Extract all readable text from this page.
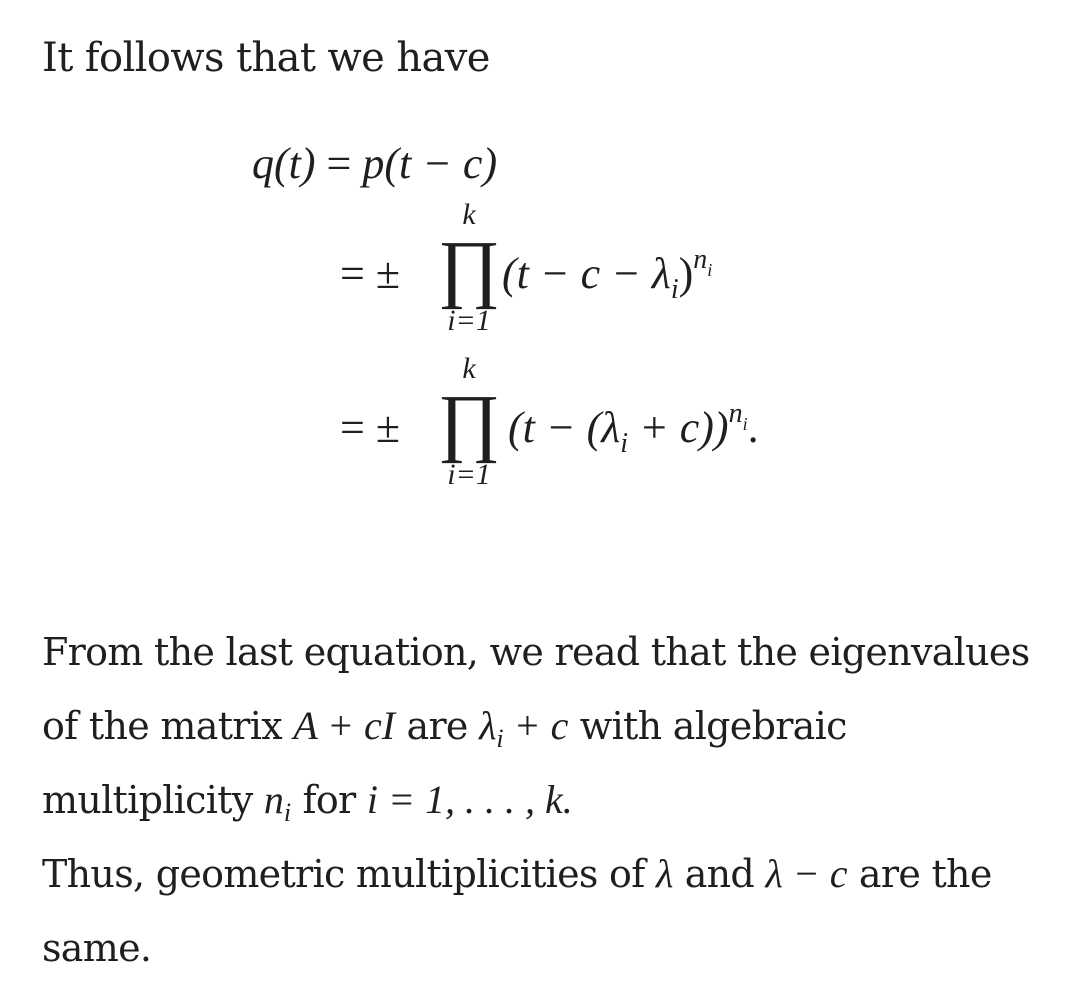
It follows that we have

q(t) = p(t − c)
= ±
k
∏
i=1
$(t - c - \lambda_i)^{ni}$
= ±
k
∏
i=1
$(t - (\lambda_i + c))^{ni}$.

From the last equation, we read that the eigenvalues

of the matrix A + cI are $\lambda_i + c$ with algebraic

multiplicity $n_i$ for i = 1, . . . , k.

Thus, geometric multiplicities of λ and λ − c are the

same.
